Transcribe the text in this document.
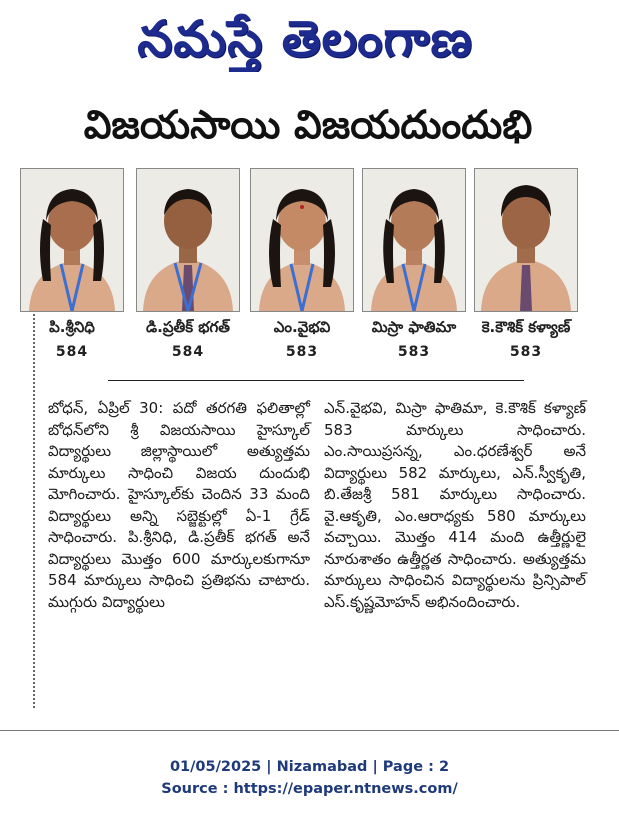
నమస్తే తెలంగాణ
విజయసాయి విజయదుందుభి
పి.శ్రీనిధి
584
డి.ప్రతీక్ భగత్
584
ఎం.వైభవి
583
మిస్రా ఫాతిమా
583
కె.కౌశిక్ కళ్యాణ్
583

బోధన్, ఏప్రిల్ 30: పదో తరగతి ఫలితాల్లో బోధన్‌లోని శ్రీ విజయసాయి హైస్కూల్ విద్యార్థులు జిల్లాస్థాయిలో అత్యుత్తమ మార్కులు సాధించి విజయ దుందుభి మోగించారు. హైస్కూల్‌కు చెందిన 33 మంది విద్యార్థులు అన్ని సబ్జెక్టుల్లో ఏ-1 గ్రేడ్ సాధించారు. పి.శ్రీనిధి, డి.ప్రతీక్ భగత్ అనే విద్యార్థులు మొత్తం 600 మార్కులకుగానూ 584 మార్కులు సాధించి ప్రతిభను చాటారు. ముగ్గురు విద్యార్థులు

ఎన్.వైభవి, మిస్రా ఫాతిమా, కె.కౌశిక్ కళ్యాణ్ 583 మార్కులు సాధించారు. ఎం.సాయిప్రసన్న, ఎం.ధరణేశ్వర్ అనే విద్యార్థులు 582 మార్కులు, ఎన్.స్వీకృతి, బి.తేజశ్రీ 581 మార్కులు సాధించారు. వై.ఆకృతి, ఎం.ఆరాధ్యకు 580 మార్కులు వచ్చాయి. మొత్తం 414 మంది ఉత్తీర్ణులై నూరుశాతం ఉత్తీర్ణత సాధించారు. అత్యుత్తమ మార్కులు సాధించిన విద్యార్థులను ప్రిన్సిపాల్ ఎస్.కృష్ణమోహన్ అభినందించారు.

01/05/2025 | Nizamabad | Page : 2
Source : https://epaper.ntnews.com/
